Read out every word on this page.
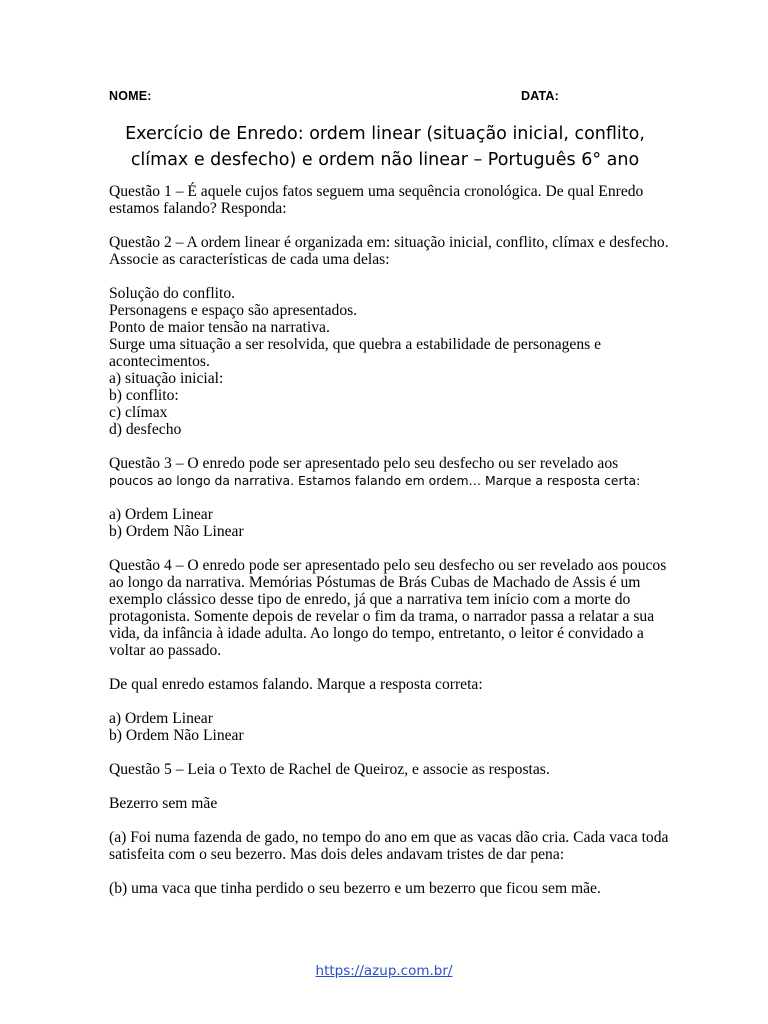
NOME:	DATA:
Exercício de Enredo: ordem linear (situação inicial, conflito,
clímax e desfecho) e ordem não linear – Português 6° ano

Questão 1 – É aquele cujos fatos seguem uma sequência cronológica. De qual Enredo estamos falando? Responda:

Questão 2 – A ordem linear é organizada em: situação inicial, conflito, clímax e desfecho. Associe as características de cada uma delas:

Solução do conflito.
Personagens e espaço são apresentados.
Ponto de maior tensão na narrativa.
Surge uma situação a ser resolvida, que quebra a estabilidade de personagens e acontecimentos.
a) situação inicial:
b) conflito:
c) clímax
d) desfecho
Questão 3 – O enredo pode ser apresentado pelo seu desfecho ou ser revelado aos
poucos ao longo da narrativa. Estamos falando em ordem… Marque a resposta certa:
a) Ordem Linear
b) Ordem Não Linear

Questão 4 – O enredo pode ser apresentado pelo seu desfecho ou ser revelado aos poucos ao longo da narrativa. Memórias Póstumas de Brás Cubas de Machado de Assis é um exemplo clássico desse tipo de enredo, já que a narrativa tem início com a morte do protagonista. Somente depois de revelar o fim da trama, o narrador passa a relatar a sua vida, da infância à idade adulta. Ao longo do tempo, entretanto, o leitor é convidado a voltar ao passado.

De qual enredo estamos falando. Marque a resposta correta:

a) Ordem Linear
b) Ordem Não Linear

Questão 5 – Leia o Texto de Rachel de Queiroz, e associe as respostas.

Bezerro sem mãe

(a) Foi numa fazenda de gado, no tempo do ano em que as vacas dão cria. Cada vaca toda satisfeita com o seu bezerro. Mas dois deles andavam tristes de dar pena:

(b) uma vaca que tinha perdido o seu bezerro e um bezerro que ficou sem mãe.

https://azup.com.br/
